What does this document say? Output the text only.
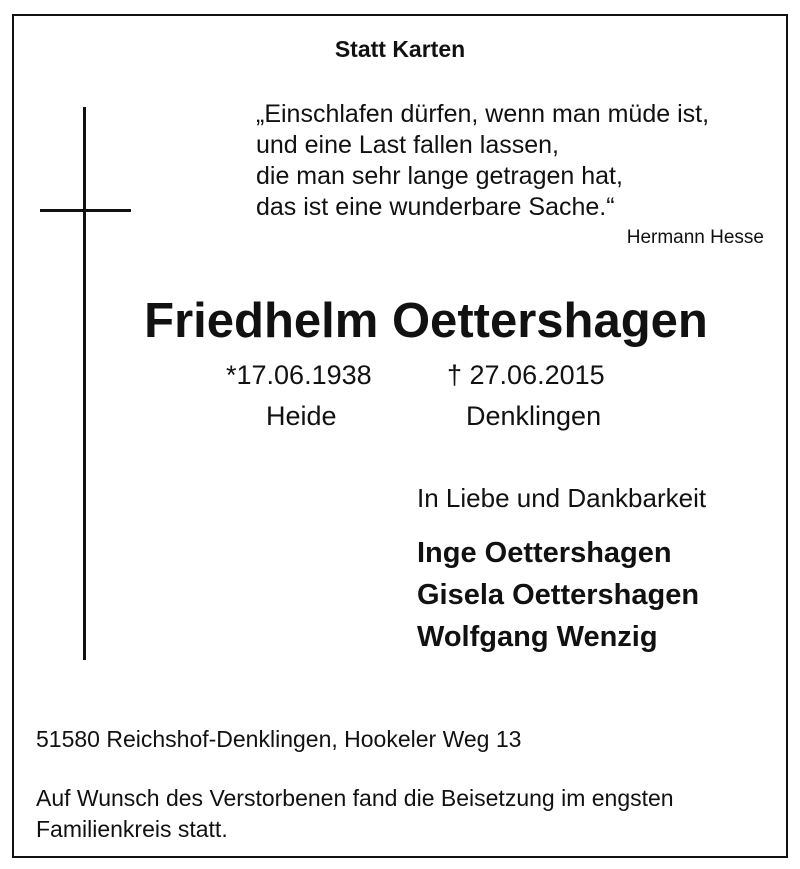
Statt Karten
„Einschlafen dürfen, wenn man müde ist,
und eine Last fallen lassen,
die man sehr lange getragen hat,
das ist eine wunderbare Sache.“
Hermann Hesse
Friedhelm Oettershagen
*17.06.1938	† 27.06.2015
Heide	Denklingen
In Liebe und Dankbarkeit
Inge Oettershagen
Gisela Oettershagen
Wolfgang Wenzig
51580 Reichshof-Denklingen, Hookeler Weg 13
Auf Wunsch des Verstorbenen fand die Beisetzung im engsten Familienkreis statt.
